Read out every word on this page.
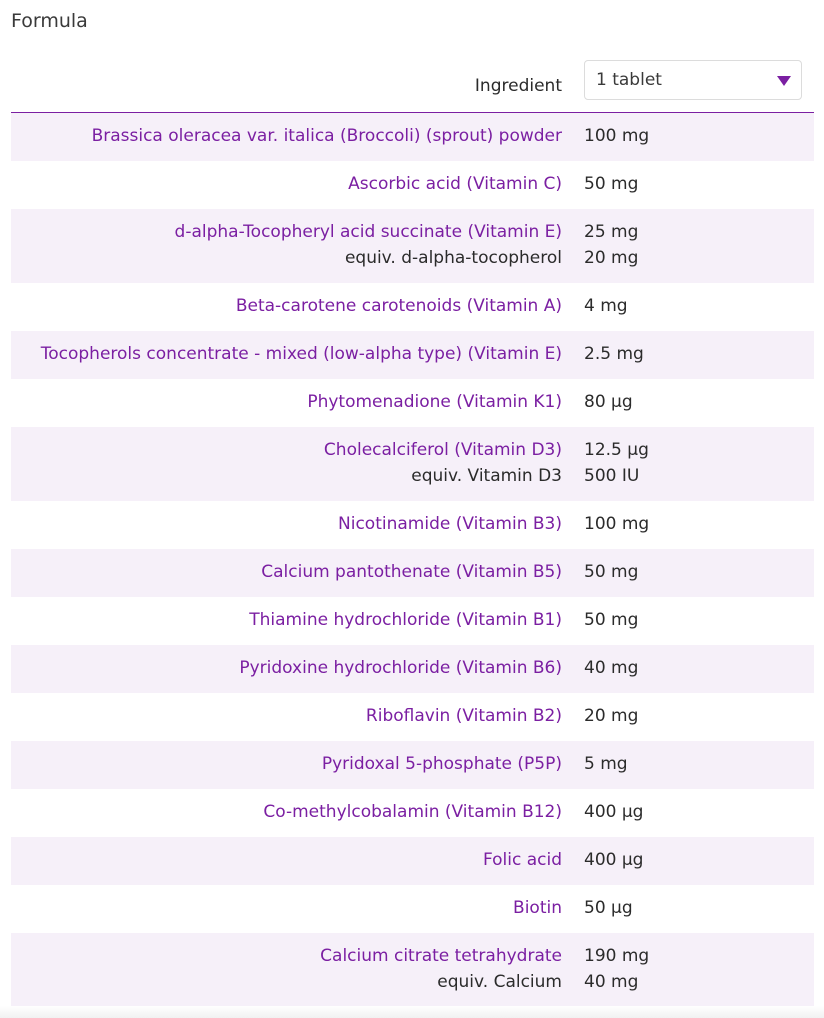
Formula
Ingredient 1 tablet
Brassica oleracea var. italica (Broccoli) (sprout) powder 100 mg
Ascorbic acid (Vitamin C) 50 mg
d-alpha-Tocopheryl acid succinate (Vitamin E) 25 mg
equiv. d-alpha-tocopherol 20 mg
Beta-carotene carotenoids (Vitamin A) 4 mg
Tocopherols concentrate - mixed (low-alpha type) (Vitamin E) 2.5 mg
Phytomenadione (Vitamin K1) 80 µg
Cholecalciferol (Vitamin D3) 12.5 µg
equiv. Vitamin D3 500 IU
Nicotinamide (Vitamin B3) 100 mg
Calcium pantothenate (Vitamin B5) 50 mg
Thiamine hydrochloride (Vitamin B1) 50 mg
Pyridoxine hydrochloride (Vitamin B6) 40 mg
Riboflavin (Vitamin B2) 20 mg
Pyridoxal 5-phosphate (P5P) 5 mg
Co-methylcobalamin (Vitamin B12) 400 µg
Folic acid 400 µg
Biotin 50 µg
Calcium citrate tetrahydrate 190 mg
equiv. Calcium 40 mg
